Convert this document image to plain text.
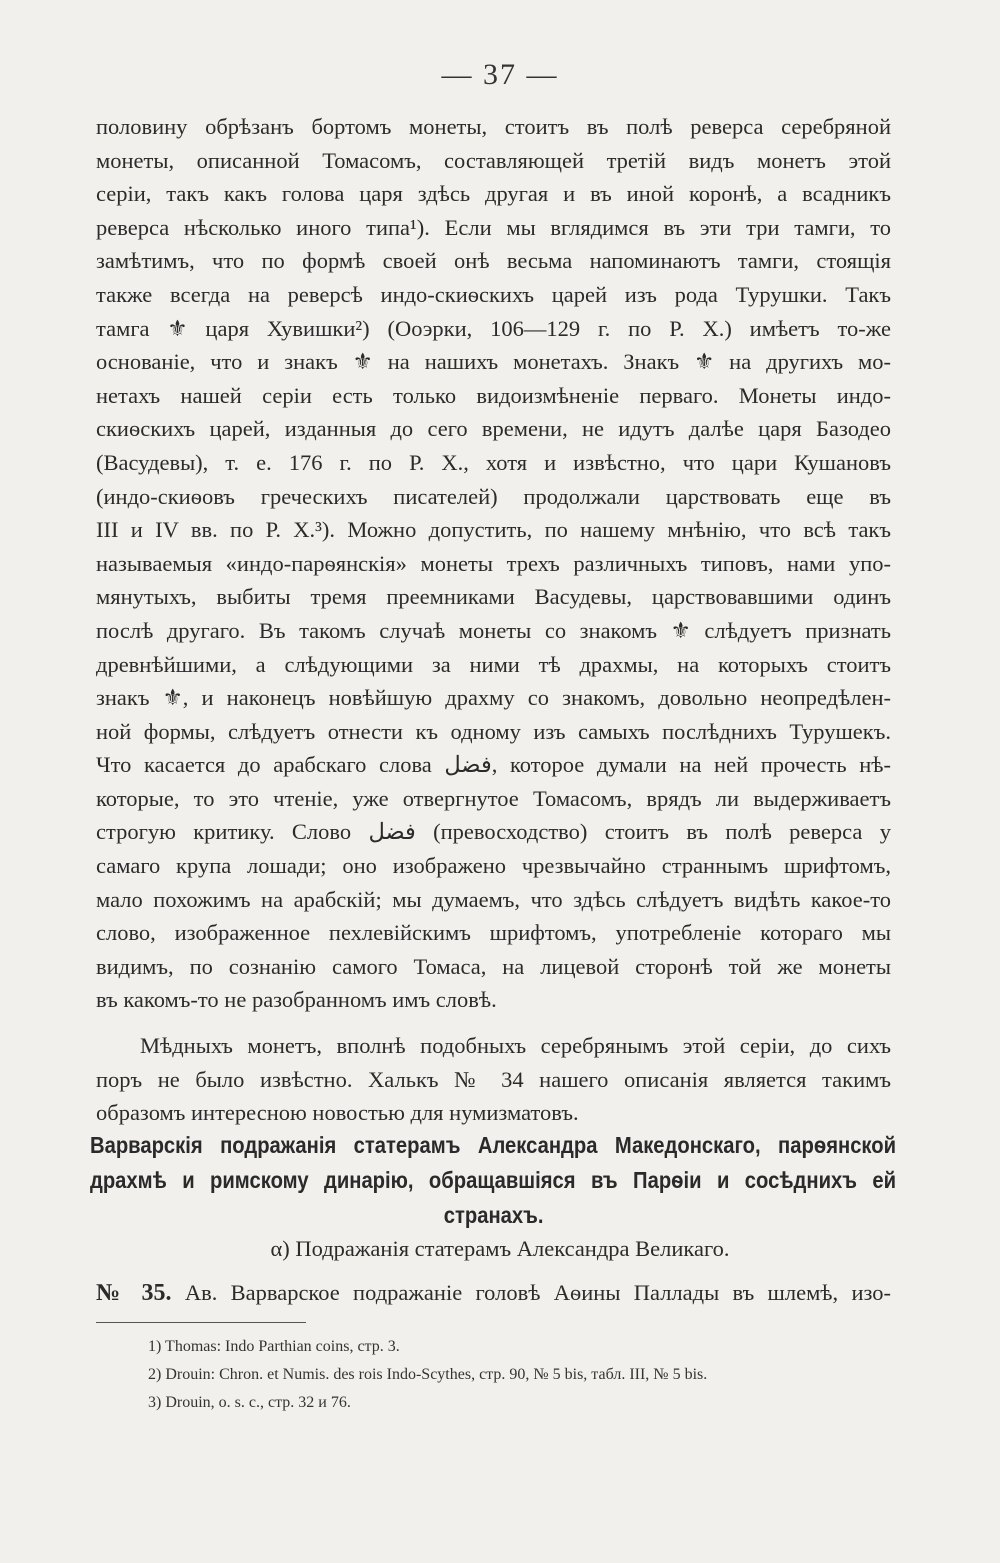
— 37 —
половину обрѣзанъ бортомъ монеты, стоитъ въ полѣ реверса серебряной
монеты, описанной Томасомъ, составляющей третій видъ монетъ этой
серіи, такъ какъ голова царя здѣсь другая и въ иной коронѣ, а всадникъ
реверса нѣсколько иного типа¹). Если мы вглядимся въ эти три тамги, то
замѣтимъ, что по формѣ своей онѣ весьма напоминаютъ тамги, стоящія
также всегда на реверсѣ индо-скиѳскихъ царей изъ рода Турушки. Такъ
тамга ⚜ царя Хувишки²) (Ооэрки, 106—129 г. по Р. Х.) имѣетъ то-же
основаніе, что и знакъ ⚜ на нашихъ монетахъ. Знакъ ⚜ на другихъ мо-
нетахъ нашей серіи есть только видоизмѣненіе перваго. Монеты индо-
скиѳскихъ царей, изданныя до сего времени, не идутъ далѣе царя Базодео
(Васудевы), т. е. 176 г. по Р. Х., хотя и извѣстно, что цари Кушановъ
(индо-скиѳовъ греческихъ писателей) продолжали царствовать еще въ
III и IV вв. по Р. Х.³). Можно допустить, по нашему мнѣнію, что всѣ такъ
называемыя «индо-парѳянскія» монеты трехъ различныхъ типовъ, нами упо-
мянутыхъ, выбиты тремя преемниками Васудевы, царствовавшими одинъ
послѣ другаго. Въ такомъ случаѣ монеты со знакомъ ⚜ слѣдуетъ признать
древнѣйшими, а слѣдующими за ними тѣ драхмы, на которыхъ стоитъ
знакъ ⚜, и наконецъ новѣйшую драхму со знакомъ, довольно неопредѣлен-
ной формы, слѣдуетъ отнести къ одному изъ самыхъ послѣднихъ Турушекъ.
Что касается до арабскаго слова فضل, которое думали на ней прочесть нѣ-
которые, то это чтеніе, уже отвергнутое Томасомъ, врядъ ли выдерживаетъ
строгую критику. Слово فضل (превосходство) стоитъ въ полѣ реверса у
самаго крупа лошади; оно изображено чрезвычайно страннымъ шрифтомъ,
мало похожимъ на арабскій; мы думаемъ, что здѣсь слѣдуетъ видѣть какое-то
слово, изображенное пехлевійскимъ шрифтомъ, употребленіе котораго мы
видимъ, по сознанію самого Томаса, на лицевой сторонѣ той же монеты
въ какомъ-то не разобранномъ имъ словѣ.
Мѣдныхъ монетъ, вполнѣ подобныхъ серебрянымъ этой серіи, до сихъ
поръ не было извѣстно. Халькъ № 34 нашего описанія является такимъ
образомъ интересною новостью для нумизматовъ.
Варварскія подражанія статерамъ Александра Македонскаго, парѳянской
драхмѣ и римскому динарію, обращавшіяся въ Парѳіи и сосѣднихъ ей
странахъ.
α) Подражанія статерамъ Александра Великаго.
№ 35. Ав. Варварское подражаніе головѣ Аѳины Паллады въ шлемѣ, изо-
1) Thomas: Indo Parthian coins, стр. 3.
2) Drouin: Chron. et Numis. des rois Indo-Scythes, стр. 90, № 5 bis, табл. III, № 5 bis.
3) Drouin, o. s. c., стр. 32 и 76.
